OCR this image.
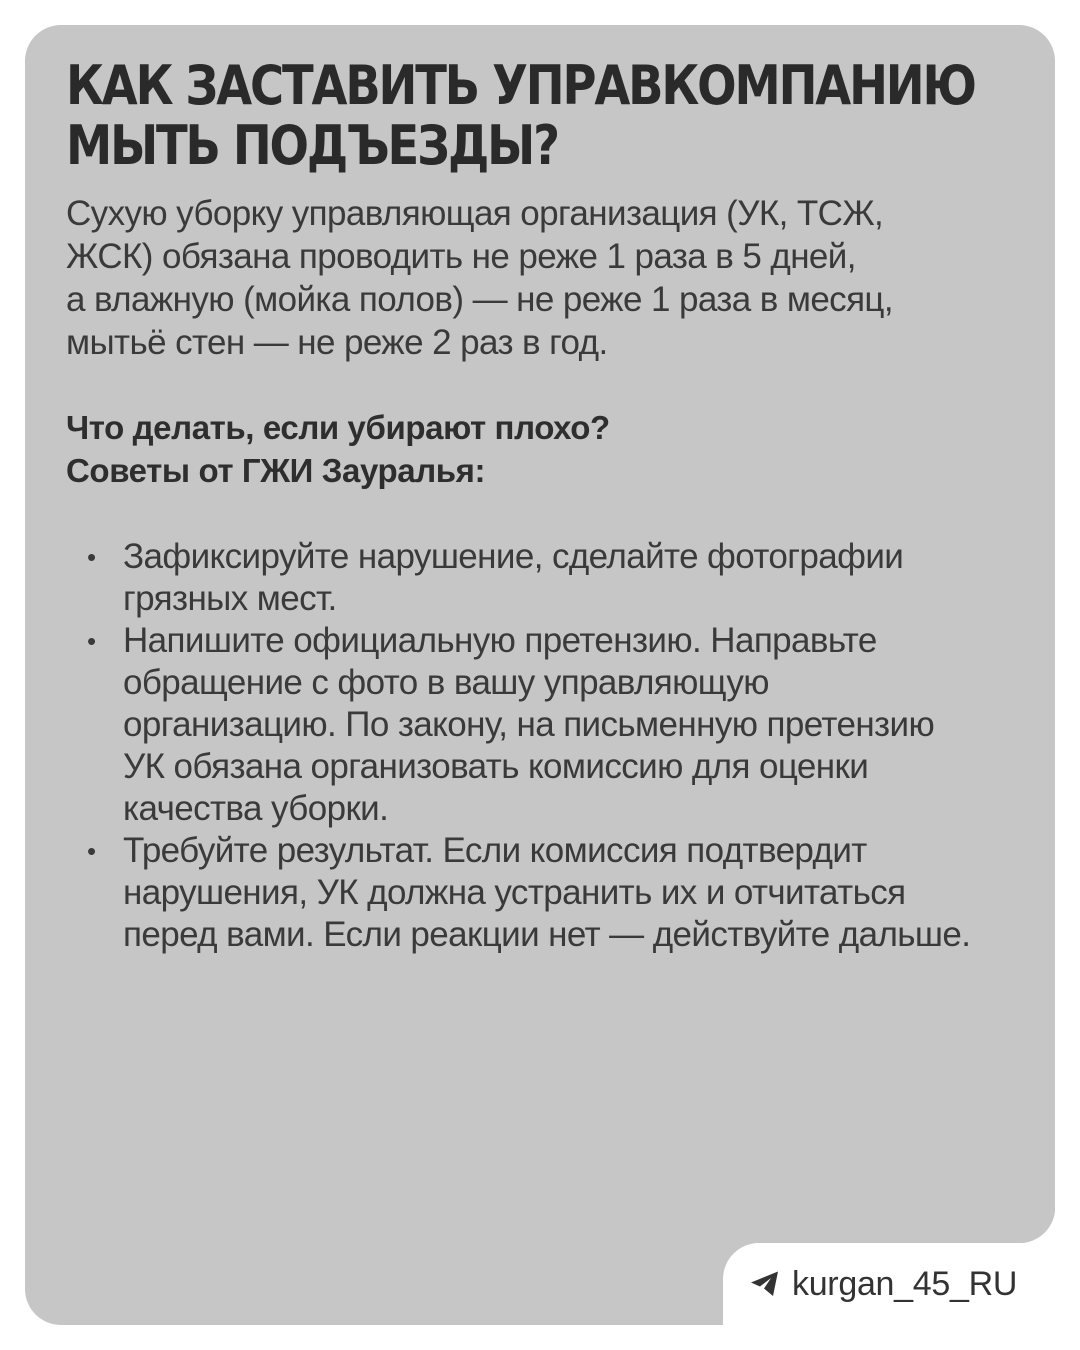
КАК ЗАСТАВИТЬ УПРАВКОМПАНИЮ
МЫТЬ ПОДЪЕЗДЫ?

Сухую уборку управляющая организация (УК, ТСЖ,
ЖСК) обязана проводить не реже 1 раза в 5 дней,
а влажную (мойка полов) — не реже 1 раза в месяц,
мытьё стен — не реже 2 раз в год.

Что делать, если убирают плохо?
Советы от ГЖИ Зауралья:

• Зафиксируйте нарушение, сделайте фотографии
грязных мест.
• Напишите официальную претензию. Направьте
обращение с фото в вашу управляющую
организацию. По закону, на письменную претензию
УК обязана организовать комиссию для оценки
качества уборки.
• Требуйте результат. Если комиссия подтвердит
нарушения, УК должна устранить их и отчитаться
перед вами. Если реакции нет — действуйте дальше.
kurgan_45_RU
